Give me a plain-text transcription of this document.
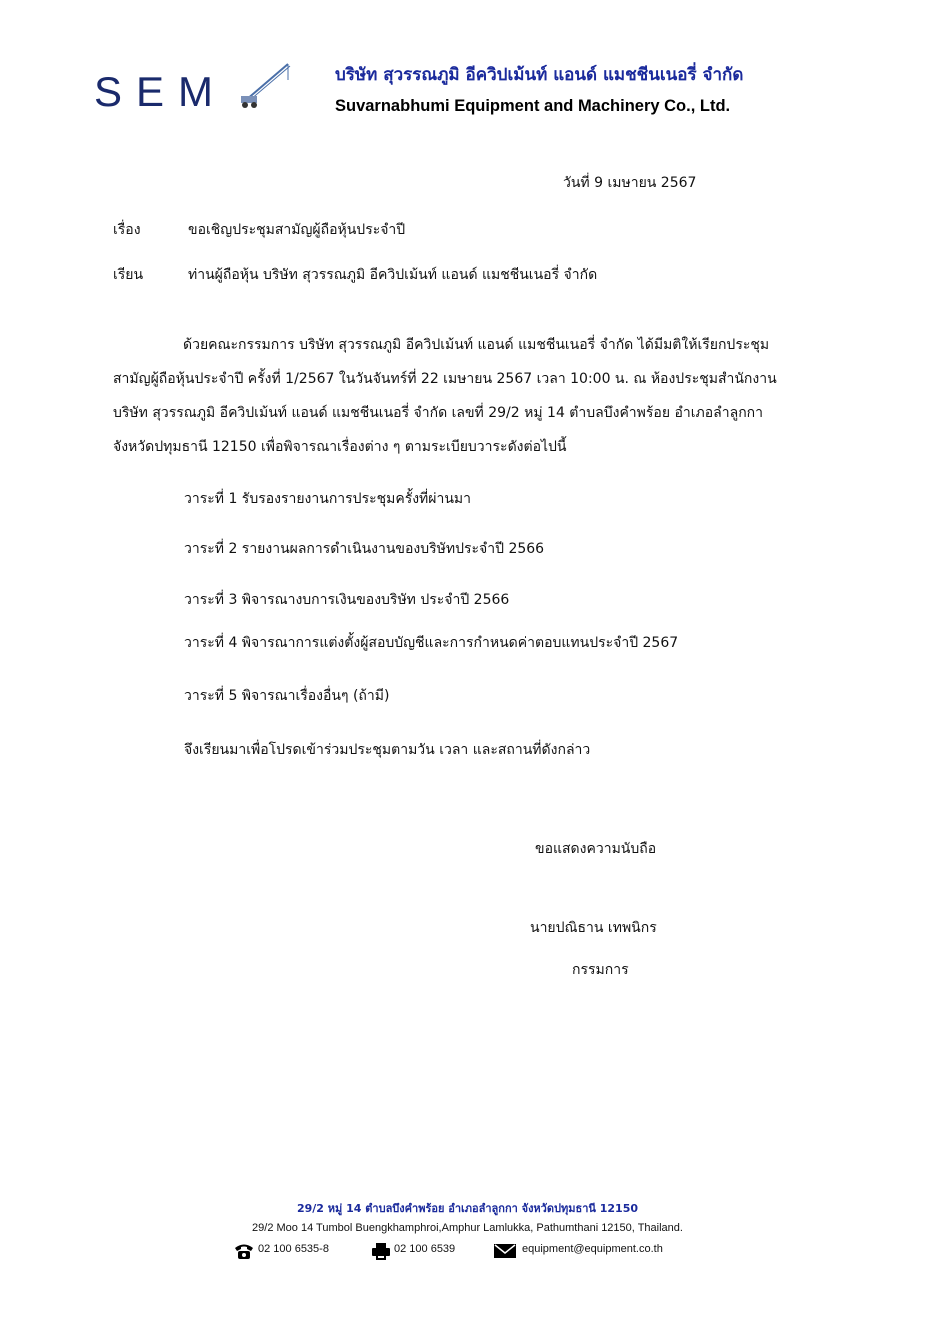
SEM	บริษัท สุวรรณภูมิ อีควิปเม้นท์ แอนด์ แมชชีนเนอรี่ จำกัด
Suvarnabhumi Equipment and Machinery Co., Ltd.
วันที่ 9 เมษายน 2567
เรื่อง	ขอเชิญประชุมสามัญผู้ถือหุ้นประจำปี
เรียน	ท่านผู้ถือหุ้น บริษัท สุวรรณภูมิ อีควิปเม้นท์ แอนด์ แมชชีนเนอรี่ จำกัด
ด้วยคณะกรรมการ บริษัท สุวรรณภูมิ อีควิปเม้นท์ แอนด์ แมชชีนเนอรี่ จำกัด ได้มีมติให้เรียกประชุม
สามัญผู้ถือหุ้นประจำปี ครั้งที่ 1/2567 ในวันจันทร์ที่ 22 เมษายน 2567 เวลา 10:00 น. ณ ห้องประชุมสำนักงาน
บริษัท สุวรรณภูมิ อีควิปเม้นท์ แอนด์ แมชชีนเนอรี่ จำกัด เลขที่ 29/2 หมู่ 14 ตำบลบึงคำพร้อย อำเภอลำลูกกา
จังหวัดปทุมธานี 12150 เพื่อพิจารณาเรื่องต่าง ๆ ตามระเบียบวาระดังต่อไปนี้
วาระที่ 1 รับรองรายงานการประชุมครั้งที่ผ่านมา
วาระที่ 2 รายงานผลการดำเนินงานของบริษัทประจำปี 2566
วาระที่ 3 พิจารณางบการเงินของบริษัท ประจำปี 2566
วาระที่ 4 พิจารณาการแต่งตั้งผู้สอบบัญชีและการกำหนดค่าตอบแทนประจำปี 2567
วาระที่ 5 พิจารณาเรื่องอื่นๆ (ถ้ามี)
จึงเรียนมาเพื่อโปรดเข้าร่วมประชุมตามวัน เวลา และสถานที่ดังกล่าว
ขอแสดงความนับถือ
นายปณิธาน เทพนิกร
กรรมการ
29/2 หมู่ 14 ตำบลบึงคำพร้อย อำเภอลำลูกกา จังหวัดปทุมธานี 12150
29/2 Moo 14 Tumbol Buengkhamphroi,Amphur Lamlukka, Pathumthani 12150, Thailand.
02 100 6535-8	02 100 6539	equipment@equipment.co.th
